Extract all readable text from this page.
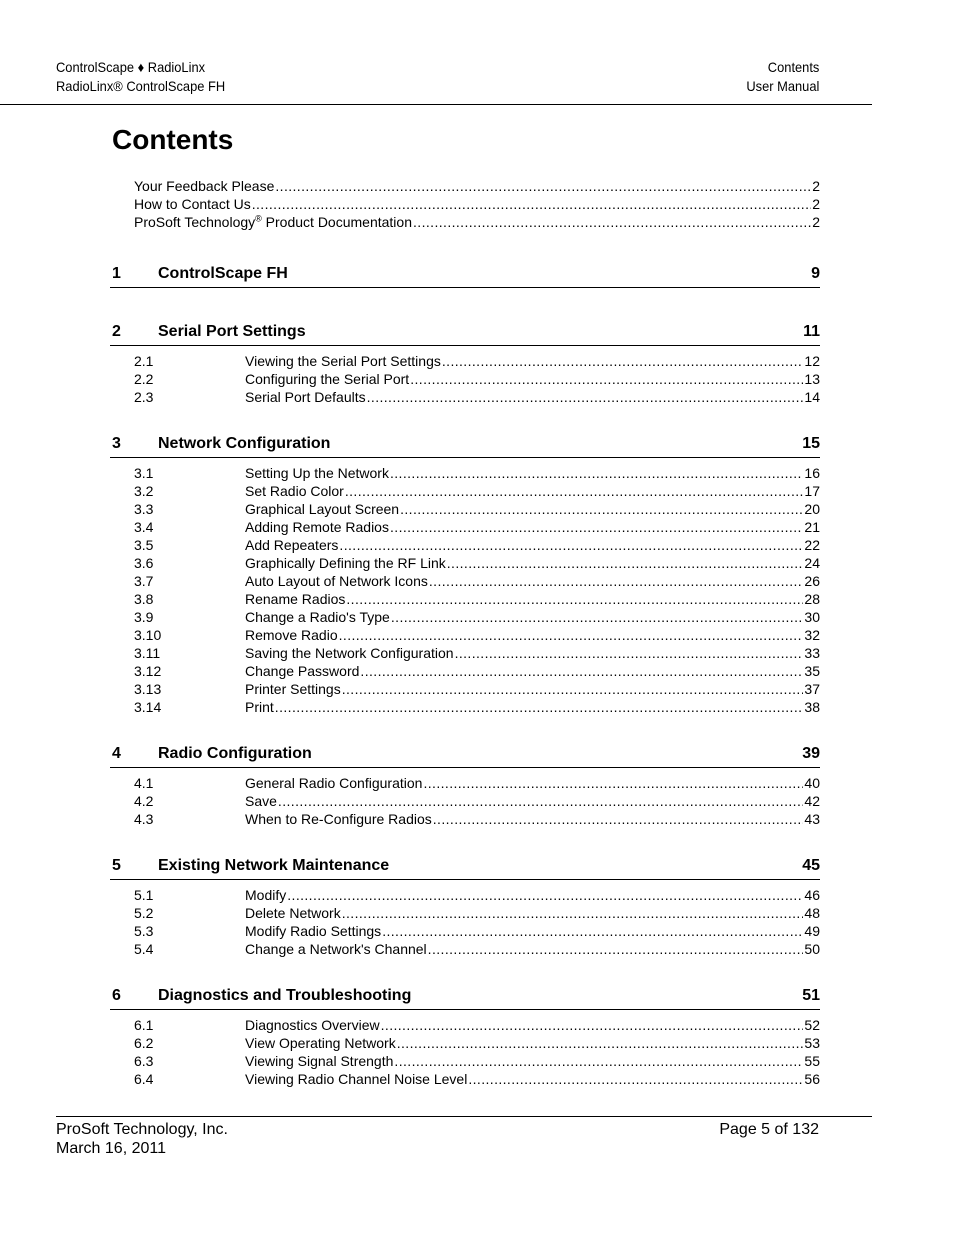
ControlScape ♦ RadioLinx
RadioLinx® ControlScape FH
Contents
User Manual
Contents
Your Feedback Please .....	2
How to Contact Us .....	2
ProSoft Technology® Product Documentation .....	2
1	ControlScape FH	9
2	Serial Port Settings	11
2.1	Viewing the Serial Port Settings .....	12
2.2	Configuring the Serial Port .....	13
2.3	Serial Port Defaults .....	14
3	Network Configuration	15
3.1	Setting Up the Network .....	16
3.2	Set Radio Color .....	17
3.3	Graphical Layout Screen .....	20
3.4	Adding Remote Radios .....	21
3.5	Add Repeaters .....	22
3.6	Graphically Defining the RF Link .....	24
3.7	Auto Layout of Network Icons .....	26
3.8	Rename Radios .....	28
3.9	Change a Radio's Type .....	30
3.10	Remove Radio .....	32
3.11	Saving the Network Configuration .....	33
3.12	Change Password .....	35
3.13	Printer Settings .....	37
3.14	Print .....	38
4	Radio Configuration	39
4.1	General Radio Configuration .....	40
4.2	Save .....	42
4.3	When to Re-Configure Radios .....	43
5	Existing Network Maintenance	45
5.1	Modify .....	46
5.2	Delete Network .....	48
5.3	Modify Radio Settings .....	49
5.4	Change a Network's Channel .....	50
6	Diagnostics and Troubleshooting	51
6.1	Diagnostics Overview .....	52
6.2	View Operating Network .....	53
6.3	Viewing Signal Strength .....	55
6.4	Viewing Radio Channel Noise Level .....	56
ProSoft Technology, Inc.
March 16, 2011
Page 5 of 132
